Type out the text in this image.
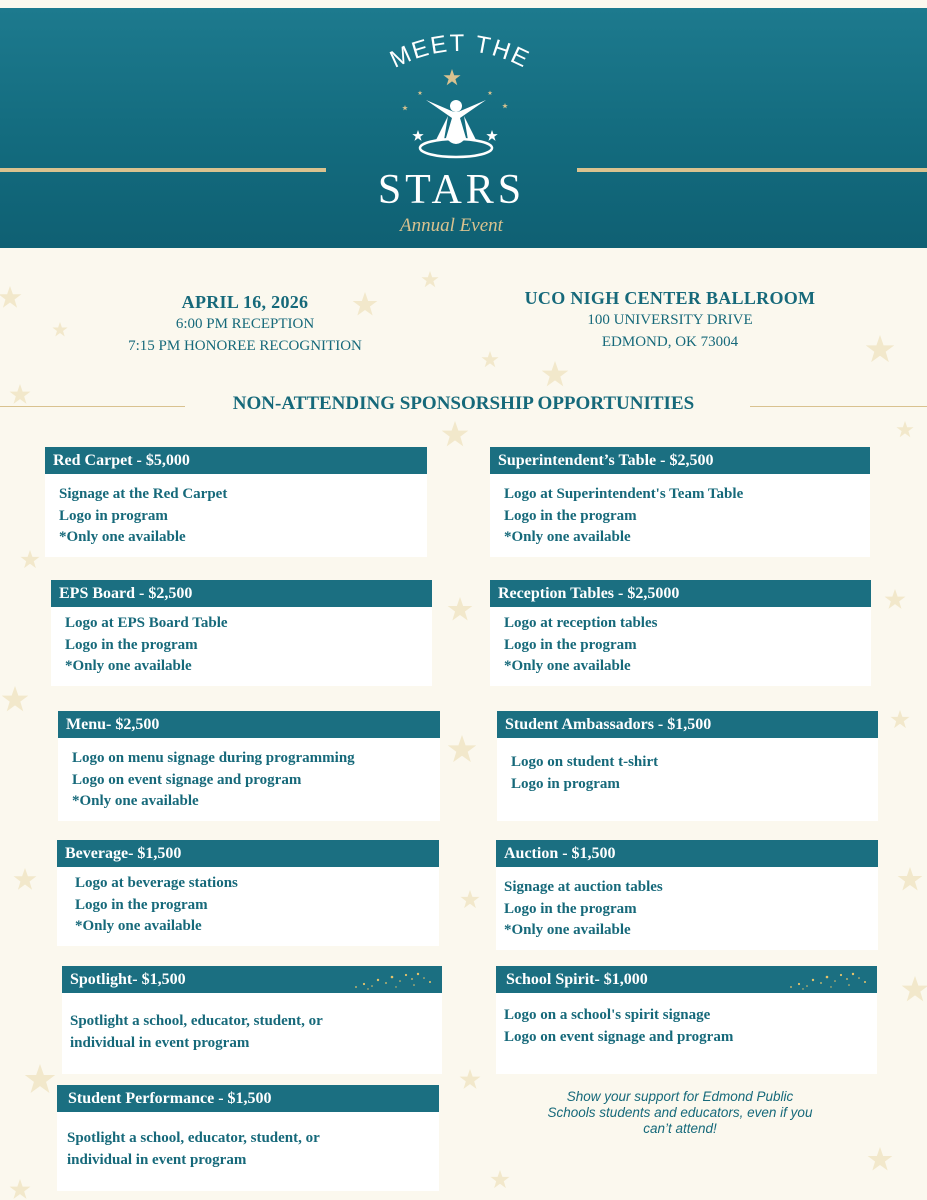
MEET THE
STARS
Annual Event
APRIL 16, 2026
6:00 PM RECEPTION
7:15 PM HONOREE RECOGNITION
UCO NIGH CENTER BALLROOM
100 UNIVERSITY DRIVE
EDMOND, OK 73004
NON-ATTENDING SPONSORSHIP OPPORTUNITIES
Red Carpet - $5,000
Signage at the Red Carpet
Logo in program
*Only one available
Superintendent’s Table - $2,500
Logo at Superintendent's Team Table
Logo in the program
*Only one available
EPS Board - $2,500
Logo at EPS Board Table
Logo in the program
*Only one available
Reception Tables - $2,5000
Logo at reception tables
Logo in the program
*Only one available
Menu- $2,500
Logo on menu signage during programming
Logo on event signage and program
*Only one available
Student Ambassadors - $1,500
Logo on student t-shirt
Logo in program
Beverage- $1,500
Logo at beverage stations
Logo in the program
*Only one available
Auction - $1,500
Signage at auction tables
Logo in the program
*Only one available
Spotlight- $1,500
Spotlight a school, educator, student, or
individual in event program
School Spirit- $1,000
Logo on a school's spirit signage
Logo on event signage and program
Student Performance - $1,500
Spotlight a school, educator, student, or
individual in event program
Show your support for Edmond Public
Schools students and educators, even if you
can’t attend!
